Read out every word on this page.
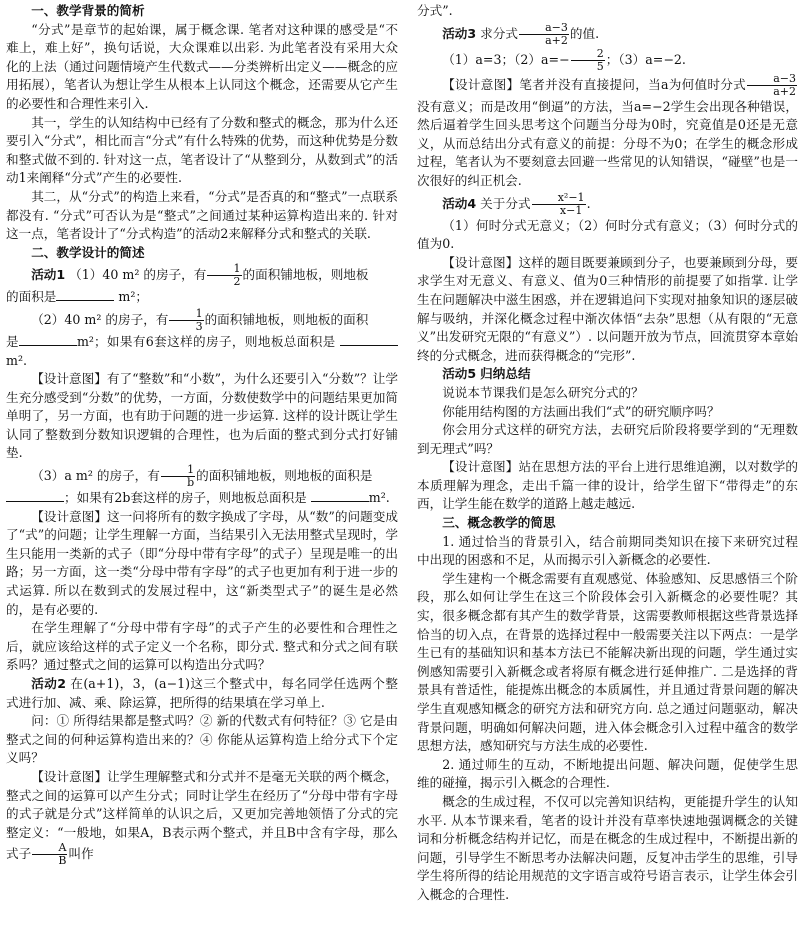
一、教学背景的简析

“分式”是章节的起始课，属于概念课. 笔者对这种课的感受是“不难上，难上好”，换句话说，大众课难以出彩. 为此笔者没有采用大众化的上法（通过问题情境产生代数式——分类辨析出定义——概念的应用拓展），笔者认为想让学生从根本上认同这个概念，还需要从它产生的必要性和合理性来引入.

其一，学生的认知结构中已经有了分数和整式的概念，那为什么还要引入“分式”，相比而言“分式”有什么特殊的优势，而这种优势是分数和整式做不到的. 针对这一点，笔者设计了“从整到分，从数到式”的活动1来阐释“分式”产生的必要性.

其二，从“分式”的构造上来看，“分式”是否真的和“整式”一点联系都没有. “分式”可否认为是“整式”之间通过某种运算构造出来的. 针对这一点，笔者设计了“分式构造”的活动2来解释分式和整式的关联.

二、教学设计的简述

活动1 （1）40 m² 的房子，有 $\frac{1}{2}$ 的面积铺地板，则地板

的面积是	m²；

（2）40 m² 的房子，有 $\frac{1}{3}$ 的面积铺地板，则地板的面积

是	m²；如果有6套这样的房子，则地板总面积是 m².

【设计意图】有了“整数”和“小数”，为什么还要引入“分数”？让学生充分感受到“分数”的优势，一方面，分数使数学中的问题结果更加简单明了，另一方面，也有助于问题的进一步运算. 这样的设计既让学生认同了整数到分数知识逻辑的合理性，也为后面的整式到分式打好铺垫.

（3）a m² 的房子，有 $\frac{1}{b}$ 的面积铺地板，则地板的面积是

；如果有2b套这样的房子，则地板总面积是	m².

【设计意图】这一问将所有的数字换成了字母，从“数”的问题变成了“式”的问题；让学生理解一方面，当结果引入无法用整式呈现时，学生只能用一类新的式子（即“分母中带有字母”的式子）呈现是唯一的出路；另一方面，这一类“分母中带有字母”的式子也更加有利于进一步的式运算. 所以在数到式的发展过程中，这“新类型式子”的诞生是必然的，是有必要的.

在学生理解了“分母中带有字母”的式子产生的必要性和合理性之后，就应该给这样的式子定义一个名称，即分式. 整式和分式之间有联系吗？通过整式之间的运算可以构造出分式吗？

活动2 在(a+1)，3，(a−1)这三个整式中，每名同学任选两个整式进行加、减、乘、除运算，把所得的结果填在学习单上.

问：① 所得结果都是整式吗？② 新的代数式有何特征？③ 它是由整式之间的何种运算构造出来的？④ 你能从运算构造上给分式下个定义吗？

【设计意图】让学生理解整式和分式并不是毫无关联的两个概念，整式之间的运算可以产生分式；同时让学生在经历了“分母中带有字母的式子就是分式”这样简单的认识之后，又更加完善地领悟了分式的完整定义：“一般地，如果A，B表示两个整式，并且B中含有字母，那么式子 $\frac{A}{B}$ 叫作

分式”.

活动3 求分式 $\frac{a-3}{a+2}$ 的值.

（1）a=3；$(2)a=- \frac{2}{5}$ ；（3）a=−2.

【设计意图】笔者并没有直接提问，当a为何值时分式 $\frac{a-3}{a+2}$
没有意义；而是改用“倒逼”的方法，当a=−2学生会出现各种错误，然后逼着学生回头思考这个问题当分母为0时，究竟值是0还是无意义，从而总结出分式有意义的前提：分母不为0；在学生的概念形成过程，笔者认为不要刻意去回避一些常见的认知错误，“碰壁”也是一次很好的纠正机会.

活动4 关于分式 $\frac{\text{x²−1}}{x-1}$ .

（1）何时分式无意义；（2）何时分式有意义；（3）何时分式的值为0.

【设计意图】这样的题目既要兼顾到分子，也要兼顾到分母，要求学生对无意义、有意义、值为0三种情形的前提要了如指掌. 让学生在问题解决中滋生困惑，并在逻辑追问下实现对抽象知识的逐层破解与吸纳，并深化概念过程中渐次体悟“去杂”思想（从有限的“无意义”出发研究无限的“有意义”）. 以问题开放为节点，回流贯穿本章始终的分式概念，进而获得概念的“完形”.

活动5 归纳总结

说说本节课我们是怎么研究分式的？

你能用结构图的方法画出我们“式”的研究顺序吗？

你会用分式这样的研究方法，去研究后阶段将要学到的“无理数到无理式”吗？

【设计意图】站在思想方法的平台上进行思维追溯，以对数学的本质理解为理念，走出千篇一律的设计，给学生留下“带得走”的东西，让学生能在数学的道路上越走越远.

三、概念教学的简思

1. 通过恰当的背景引入，结合前期同类知识在接下来研究过程中出现的困惑和不足，从而揭示引入新概念的必要性.

学生建构一个概念需要有直观感觉、体验感知、反思感悟三个阶段，那么如何让学生在这三个阶段体会引入新概念的必要性呢？其实，很多概念都有其产生的数学背景，这需要教师根据这些背景选择恰当的切入点，在背景的选择过程中一般需要关注以下两点：一是学生已有的基础知识和基本方法已不能解决新出现的问题，学生通过实例感知需要引入新概念或者将原有概念进行延伸推广. 二是选择的背景具有普适性，能提炼出概念的本质属性，并且通过背景问题的解决学生直观感知概念的研究方法和研究方向. 总之通过问题驱动，解决背景问题，明确如何解决问题，进入体会概念引入过程中蕴含的数学思想方法，感知研究与方法生成的必要性.

2. 通过师生的互动，不断地提出问题、解决问题，促使学生思维的碰撞，揭示引入概念的合理性.

概念的生成过程，不仅可以完善知识结构，更能提升学生的认知水平. 从本节课来看，笔者的设计并没有草率快速地强调概念的关键词和分析概念结构并记忆，而是在概念的生成过程中，不断提出新的问题，引导学生不断思考办法解决问题，反复冲击学生的思维，引导学生将所得的结论用规范的文字语言或符号语言表示，让学生体会引入概念的合理性.
